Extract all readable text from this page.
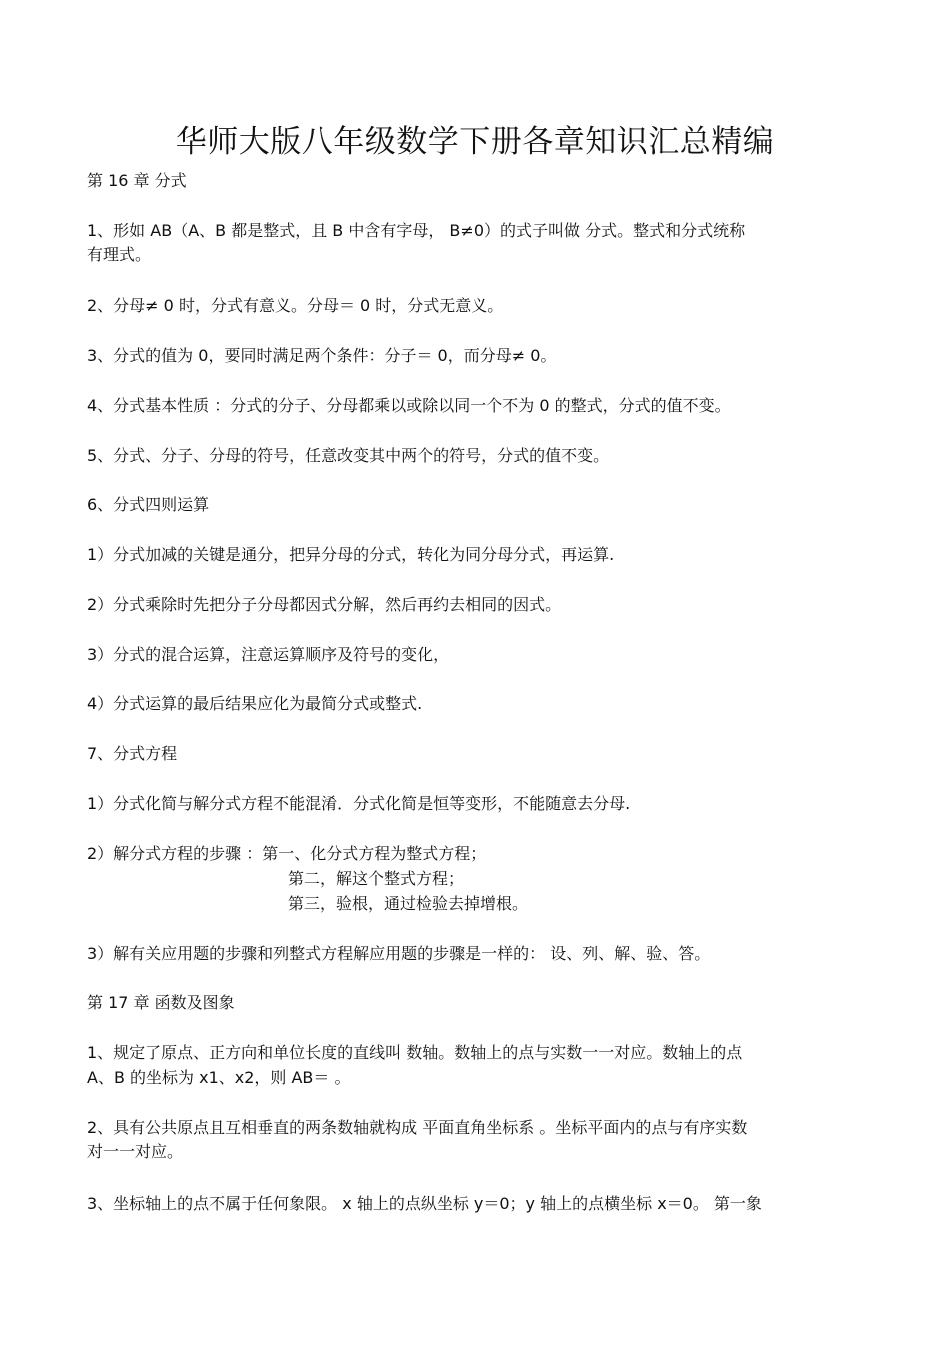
华师大版八年级数学下册各章知识汇总精编

第 16 章 分式

1、形如 AB（A、B 都是整式，且 B 中含有字母， B≠0）的式子叫做 分式。整式和分式统称

有理式。

2、分母≠ 0 时，分式有意义。分母＝ 0 时，分式无意义。

3、分式的值为 0，要同时满足两个条件：分子＝ 0，而分母≠ 0。

4、分式基本性质 ：分式的分子、分母都乘以或除以同一个不为 0 的整式，分式的值不变。

5、分式、分子、分母的符号，任意改变其中两个的符号，分式的值不变。

6、分式四则运算

1）分式加减的关键是通分，把异分母的分式，转化为同分母分式，再运算.

2）分式乘除时先把分子分母都因式分解，然后再约去相同的因式。

3）分式的混合运算，注意运算顺序及符号的变化，

4）分式运算的最后结果应化为最简分式或整式.

7、分式方程

1）分式化简与解分式方程不能混淆．分式化简是恒等变形，不能随意去分母.

2）解分式方程的步骤 ：第一、化分式方程为整式方程；

第二，解这个整式方程；

第三，验根，通过检验去掉增根。

3）解有关应用题的步骤和列整式方程解应用题的步骤是一样的： 设、列、解、验、答。

第 17 章 函数及图象

1、规定了原点、正方向和单位长度的直线叫 数轴。数轴上的点与实数一一对应。数轴上的点

A、B 的坐标为 x1、x2，则 AB＝ 。

2、具有公共原点且互相垂直的两条数轴就构成 平面直角坐标系 。坐标平面内的点与有序实数

对一一对应。

3、坐标轴上的点不属于任何象限。 x 轴上的点纵坐标 y＝0；y 轴上的点横坐标 x＝0。 第一象
